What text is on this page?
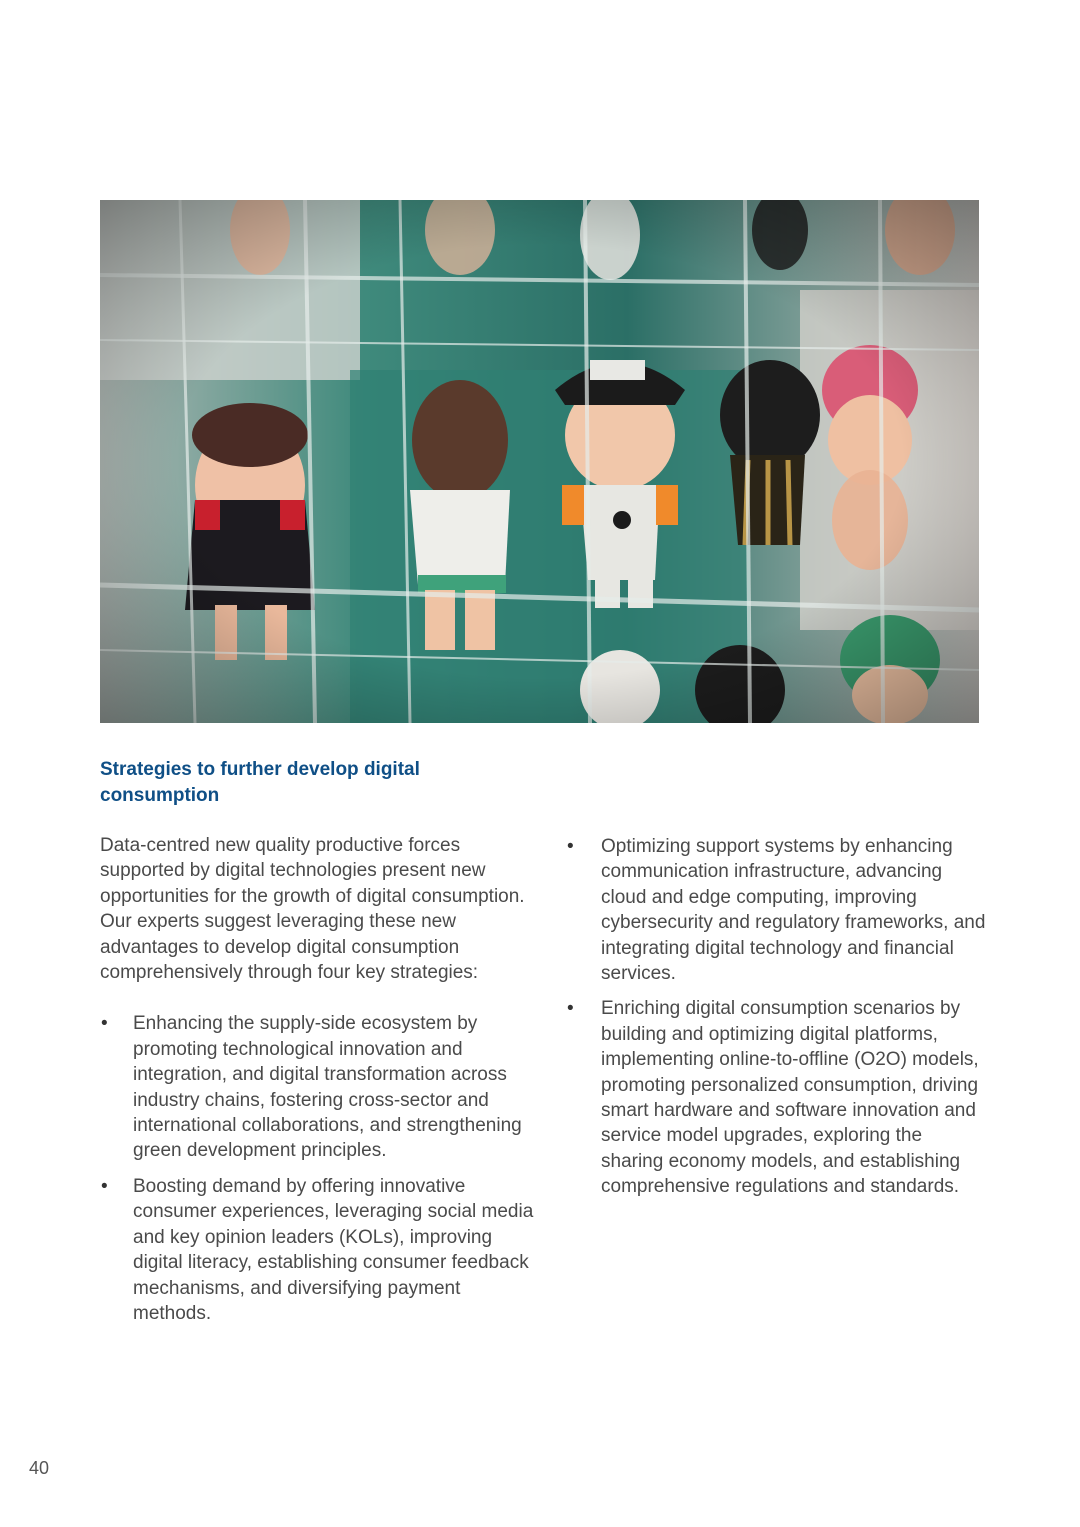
Strategies to further develop digital consumption

Data-centred new quality productive forces supported by digital technologies present new opportunities for the growth of digital consumption. Our experts suggest leveraging these new advantages to develop digital consumption comprehensively through four key strategies:

• Enhancing the supply-side ecosystem by promoting technological innovation and integration, and digital transformation across industry chains, fostering cross-sector and international collaborations, and strengthening green development principles.
• Boosting demand by offering innovative consumer experiences, leveraging social media and key opinion leaders (KOLs), improving digital literacy, establishing consumer feedback mechanisms, and diversifying payment methods.
• Optimizing support systems by enhancing communication infrastructure, advancing cloud and edge computing, improving cybersecurity and regulatory frameworks, and integrating digital technology and financial services.
• Enriching digital consumption scenarios by building and optimizing digital platforms, implementing online-to-offline (O2O) models, promoting personalized consumption, driving smart hardware and software innovation and service model upgrades, exploring the sharing economy models, and establishing comprehensive regulations and standards.
40
